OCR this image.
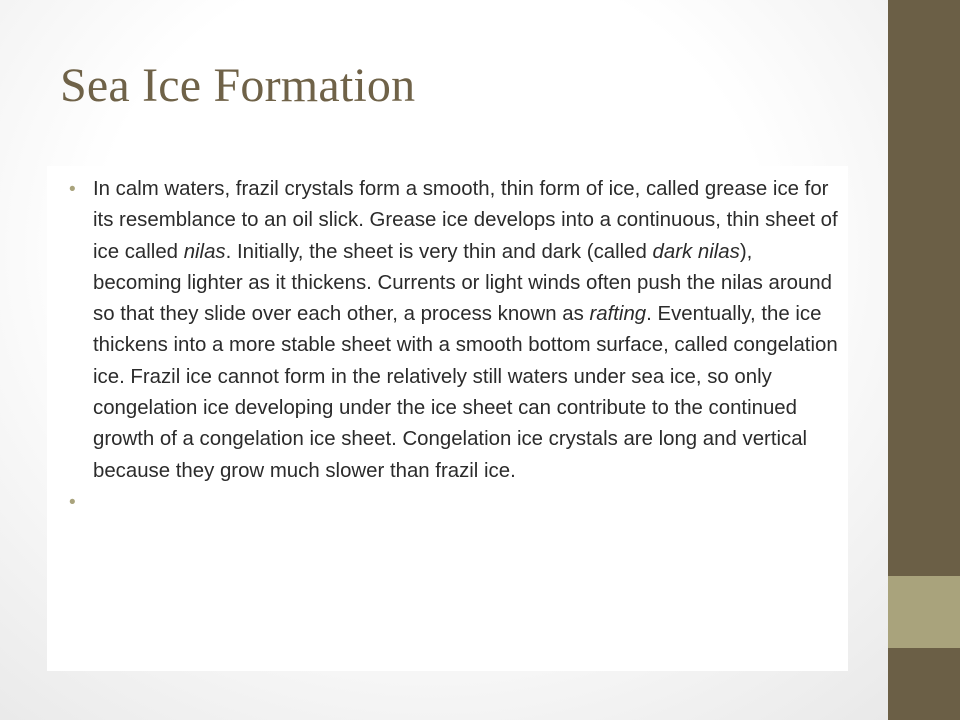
Sea Ice Formation
• In calm waters, frazil crystals form a smooth, thin form of ice, called grease ice for its resemblance to an oil slick. Grease ice develops into a continuous, thin sheet of ice called nilas. Initially, the sheet is very thin and dark (called dark nilas), becoming lighter as it thickens. Currents or light winds often push the nilas around so that they slide over each other, a process known as rafting. Eventually, the ice thickens into a more stable sheet with a smooth bottom surface, called congelation ice. Frazil ice cannot form in the relatively still waters under sea ice, so only congelation ice developing under the ice sheet can contribute to the continued growth of a congelation ice sheet. Congelation ice crystals are long and vertical because they grow much slower than frazil ice.
•
